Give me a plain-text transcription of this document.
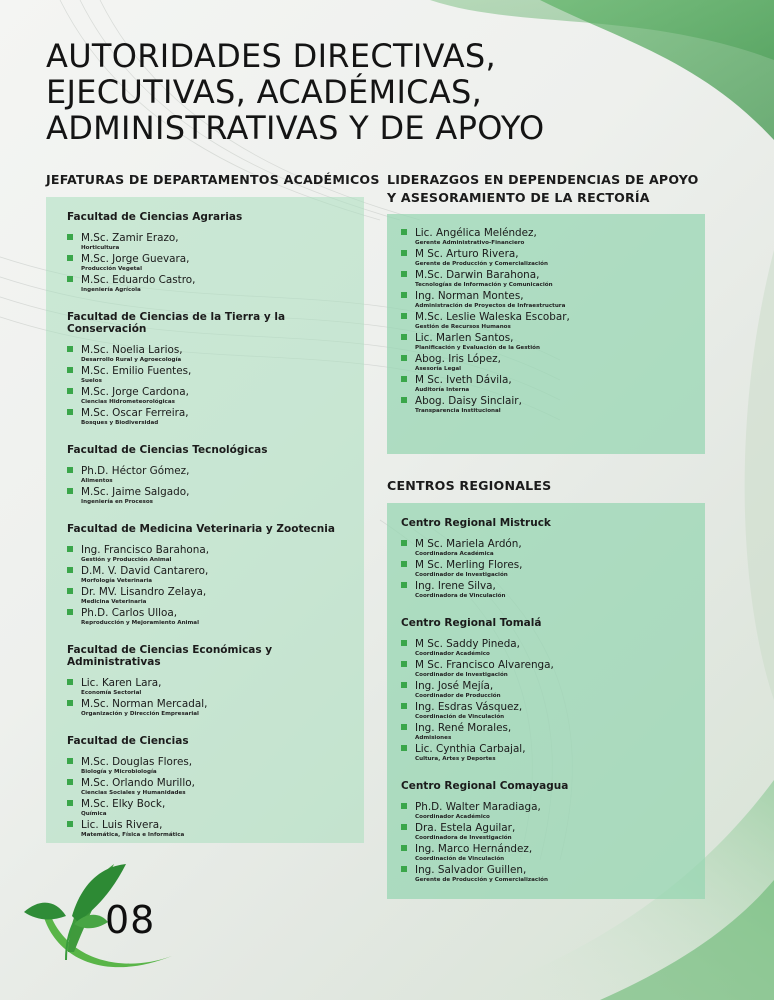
AUTORIDADES DIRECTIVAS,
EJECUTIVAS, ACADÉMICAS,
ADMINISTRATIVAS Y DE APOYO
JEFATURAS DE DEPARTAMENTOS ACADÉMICOS LIDERAZGOS EN DEPENDENCIAS DE APOYO
Y ASESORAMIENTO DE LA RECTORÍA
CENTROS REGIONALES
Facultad de Ciencias Agrarias
M.Sc. Zamir Erazo,
Horticultura
M.Sc. Jorge Guevara,
Producción Vegetal
M.Sc. Eduardo Castro,
Ingeniería Agrícola
Facultad de Ciencias de la Tierra y la Conservación
M.Sc. Noelia Larios,
Desarrollo Rural y Agroecología
M.Sc. Emilio Fuentes,
Suelos
M.Sc. Jorge Cardona,
Ciencias Hidrometeorológicas
M.Sc. Oscar Ferreira,
Bosques y Biodiversidad
Facultad de Ciencias Tecnológicas
Ph.D. Héctor Gómez,
Alimentos
M.Sc. Jaime Salgado,
Ingeniería en Procesos
Facultad de Medicina Veterinaria y Zootecnia
Ing. Francisco Barahona,
Gestión y Producción Animal
D.M. V. David Cantarero,
Morfología Veterinaria
Dr. MV. Lisandro Zelaya,
Medicina Veterinaria
Ph.D. Carlos Ulloa,
Reproducción y Mejoramiento Animal
Facultad de Ciencias Económicas y Administrativas
Lic. Karen Lara,
Economía Sectorial
M.Sc. Norman Mercadal,
Organización y Dirección Empresarial
Facultad de Ciencias
M.Sc. Douglas Flores,
Biología y Microbiología
M.Sc. Orlando Murillo,
Ciencias Sociales y Humanidades
M.Sc. Elky Bock,
Química
Lic. Luis Rivera,
Matemática, Física e Informática
Lic. Angélica Meléndez,
Gerente Administrativo-Financiero
M Sc. Arturo Rivera,
Gerente de Producción y Comercialización
M.Sc. Darwin Barahona,
Tecnologías de Información y Comunicación
Ing. Norman Montes,
Administración de Proyectos de Infraestructura
M.Sc. Leslie Waleska Escobar,
Gestión de Recursos Humanos
Lic. Marlen Santos,
Planificación y Evaluación de la Gestión
Abog. Iris López,
Asesoría Legal
M Sc. Iveth Dávila,
Auditoría Interna
Abog. Daisy Sinclair,
Transparencia Institucional
Centro Regional Mistruck
M Sc. Mariela Ardón,
Coordinadora Académica
M Sc. Merling Flores,
Coordinador de Investigación
Ing. Irene Silva,
Coordinadora de Vinculación
Centro Regional Tomalá
M Sc. Saddy Pineda,
Coordinador Académico
M Sc. Francisco Alvarenga,
Coordinador de Investigación
Ing. José Mejía,
Coordinador de Producción
Ing. Esdras Vásquez,
Coordinación de Vinculación
Ing. René Morales,
Admisiones
Lic. Cynthia Carbajal,
Cultura, Artes y Deportes
Centro Regional Comayagua
Ph.D. Walter Maradiaga,
Coordinador Académico
Dra. Estela Aguilar,
Coordinadora de Investigación
Ing. Marco Hernández,
Coordinación de Vinculación
Ing. Salvador Guillen,
Gerente de Producción y Comercialización
08
